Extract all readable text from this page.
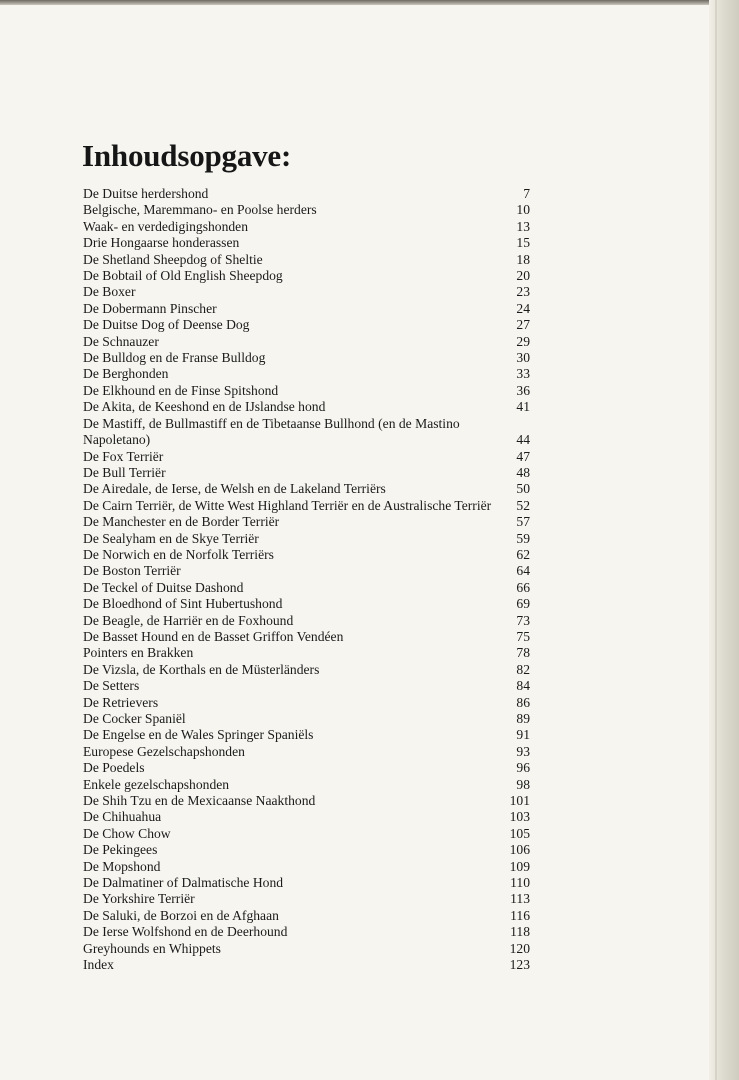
Inhoudsopgave:
De Duitse herdershond	7
Belgische, Maremmano- en Poolse herders	10
Waak- en verdedigingshonden	13
Drie Hongaarse honderassen	15
De Shetland Sheepdog of Sheltie	18
De Bobtail of Old English Sheepdog	20
De Boxer	23
De Dobermann Pinscher	24
De Duitse Dog of Deense Dog	27
De Schnauzer	29
De Bulldog en de Franse Bulldog	30
De Berghonden	33
De Elkhound en de Finse Spitshond	36
De Akita, de Keeshond en de IJslandse hond	41
De Mastiff, de Bullmastiff en de Tibetaanse Bullhond (en de Mastino Napoletano)	44
De Fox Terriër	47
De Bull Terriër	48
De Airedale, de Ierse, de Welsh en de Lakeland Terriërs	50
De Cairn Terriër, de Witte West Highland Terriër en de Australische Terriër	52
De Manchester en de Border Terriër	57
De Sealyham en de Skye Terriër	59
De Norwich en de Norfolk Terriërs	62
De Boston Terriër	64
De Teckel of Duitse Dashond	66
De Bloedhond of Sint Hubertushond	69
De Beagle, de Harriër en de Foxhound	73
De Basset Hound en de Basset Griffon Vendéen	75
Pointers en Brakken	78
De Vizsla, de Korthals en de Müsterländers	82
De Setters	84
De Retrievers	86
De Cocker Spaniël	89
De Engelse en de Wales Springer Spaniëls	91
Europese Gezelschapshonden	93
De Poedels	96
Enkele gezelschapshonden	98
De Shih Tzu en de Mexicaanse Naakthond	101
De Chihuahua	103
De Chow Chow	105
De Pekingees	106
De Mopshond	109
De Dalmatiner of Dalmatische Hond	110
De Yorkshire Terriër	113
De Saluki, de Borzoi en de Afghaan	116
De Ierse Wolfshond en de Deerhound	118
Greyhounds en Whippets	120
Index	123
